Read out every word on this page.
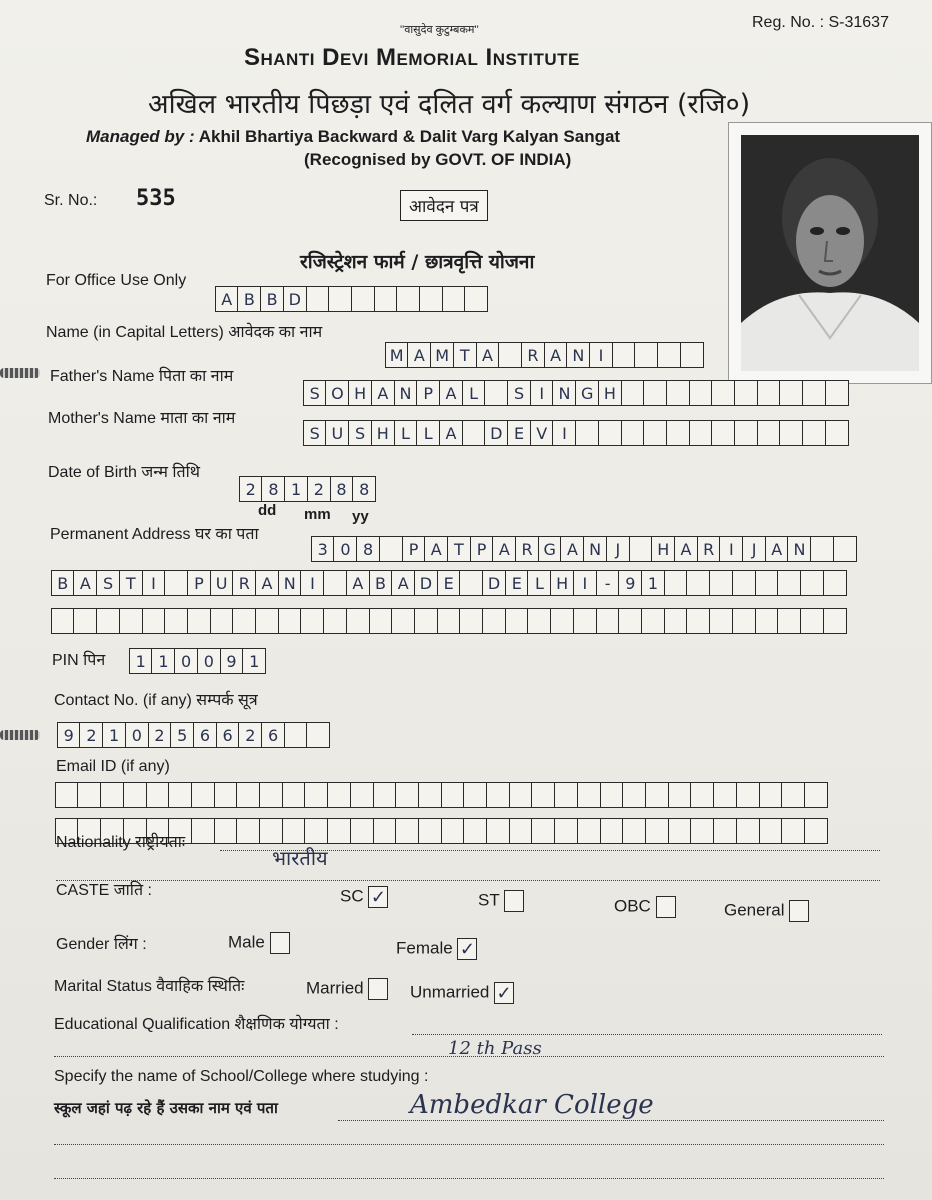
''वासुदेव कुटुम्बकम''	Reg. No. : S-31637
Shanti Devi Memorial Institute
अखिल भारतीय पिछड़ा एवं दलित वर्ग कल्याण संगठन (रजि०)
Managed by : Akhil Bhartiya Backward & Dalit Varg Kalyan Sangat
(Recognised by GOVT. OF INDIA)
Sr. No.: 535	आवेदन पत्र
रजिस्ट्रेशन फार्म / छात्रवृत्ति योजना
For Office Use Only
A B B D
Name (in Capital Letters) आवेदक का नाम
M A M T A	R A N I
Father's Name पिता का नाम
S O H A N P A L	S I N G H
Mother's Name माता का नाम
S U S H L L A	D E V I
Date of Birth जन्म तिथि
2 8 1 2 8 8
dd mm yy
Permanent Address घर का पता
3 0 8	P A T P A R G A N J	H A R I	J A N
B A S T I	P U R A N I	A B A D E	D E L H I	- 9 1
PIN पिन	1 1 0 0 9 1
Contact No. (if any) सम्पर्क सूत्र
9 2 1 0 2 5 6 6 2 6
Email ID (if any)
Nationality राष्ट्रीयताः
भारतीय
CASTE जाति :	SC ✓	ST	OBC	General
Gender लिंग :	Male	Female ✓
Marital Status वैवाहिक स्थितिः	Married	Unmarried ✓
Educational Qualification शैक्षणिक योग्यता :
12 th Pass
Specify the name of School/College where studying :
स्कूल जहां पढ़ रहे हैं उसका नाम एवं पता	Ambedkar College
